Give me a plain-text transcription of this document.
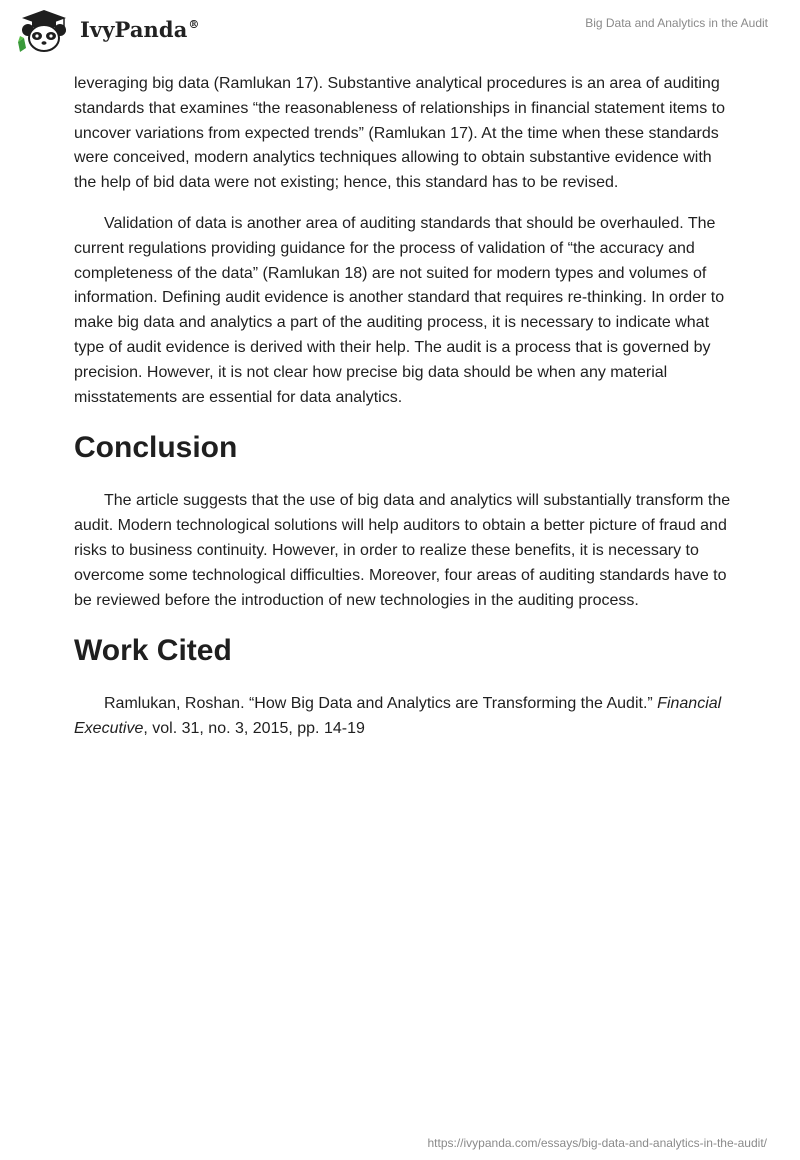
IvyPanda®	Big Data and Analytics in the Audit

leveraging big data (Ramlukan 17). Substantive analytical procedures is an area of auditing standards that examines “the reasonableness of relationships in financial statement items to uncover variations from expected trends” (Ramlukan 17). At the time when these standards were conceived, modern analytics techniques allowing to obtain substantive evidence with the help of bid data were not existing; hence, this standard has to be revised.

Validation of data is another area of auditing standards that should be overhauled. The current regulations providing guidance for the process of validation of “the accuracy and completeness of the data” (Ramlukan 18) are not suited for modern types and volumes of information. Defining audit evidence is another standard that requires re-thinking. In order to make big data and analytics a part of the auditing process, it is necessary to indicate what type of audit evidence is derived with their help. The audit is a process that is governed by precision. However, it is not clear how precise big data should be when any material misstatements are essential for data analytics.

Conclusion

The article suggests that the use of big data and analytics will substantially transform the audit. Modern technological solutions will help auditors to obtain a better picture of fraud and risks to business continuity. However, in order to realize these benefits, it is necessary to overcome some technological difficulties. Moreover, four areas of auditing standards have to be reviewed before the introduction of new technologies in the auditing process.

Work Cited

Ramlukan, Roshan. “How Big Data and Analytics are Transforming the Audit.” Financial Executive, vol. 31, no. 3, 2015, pp. 14-19

https://ivypanda.com/essays/big-data-and-analytics-in-the-audit/
